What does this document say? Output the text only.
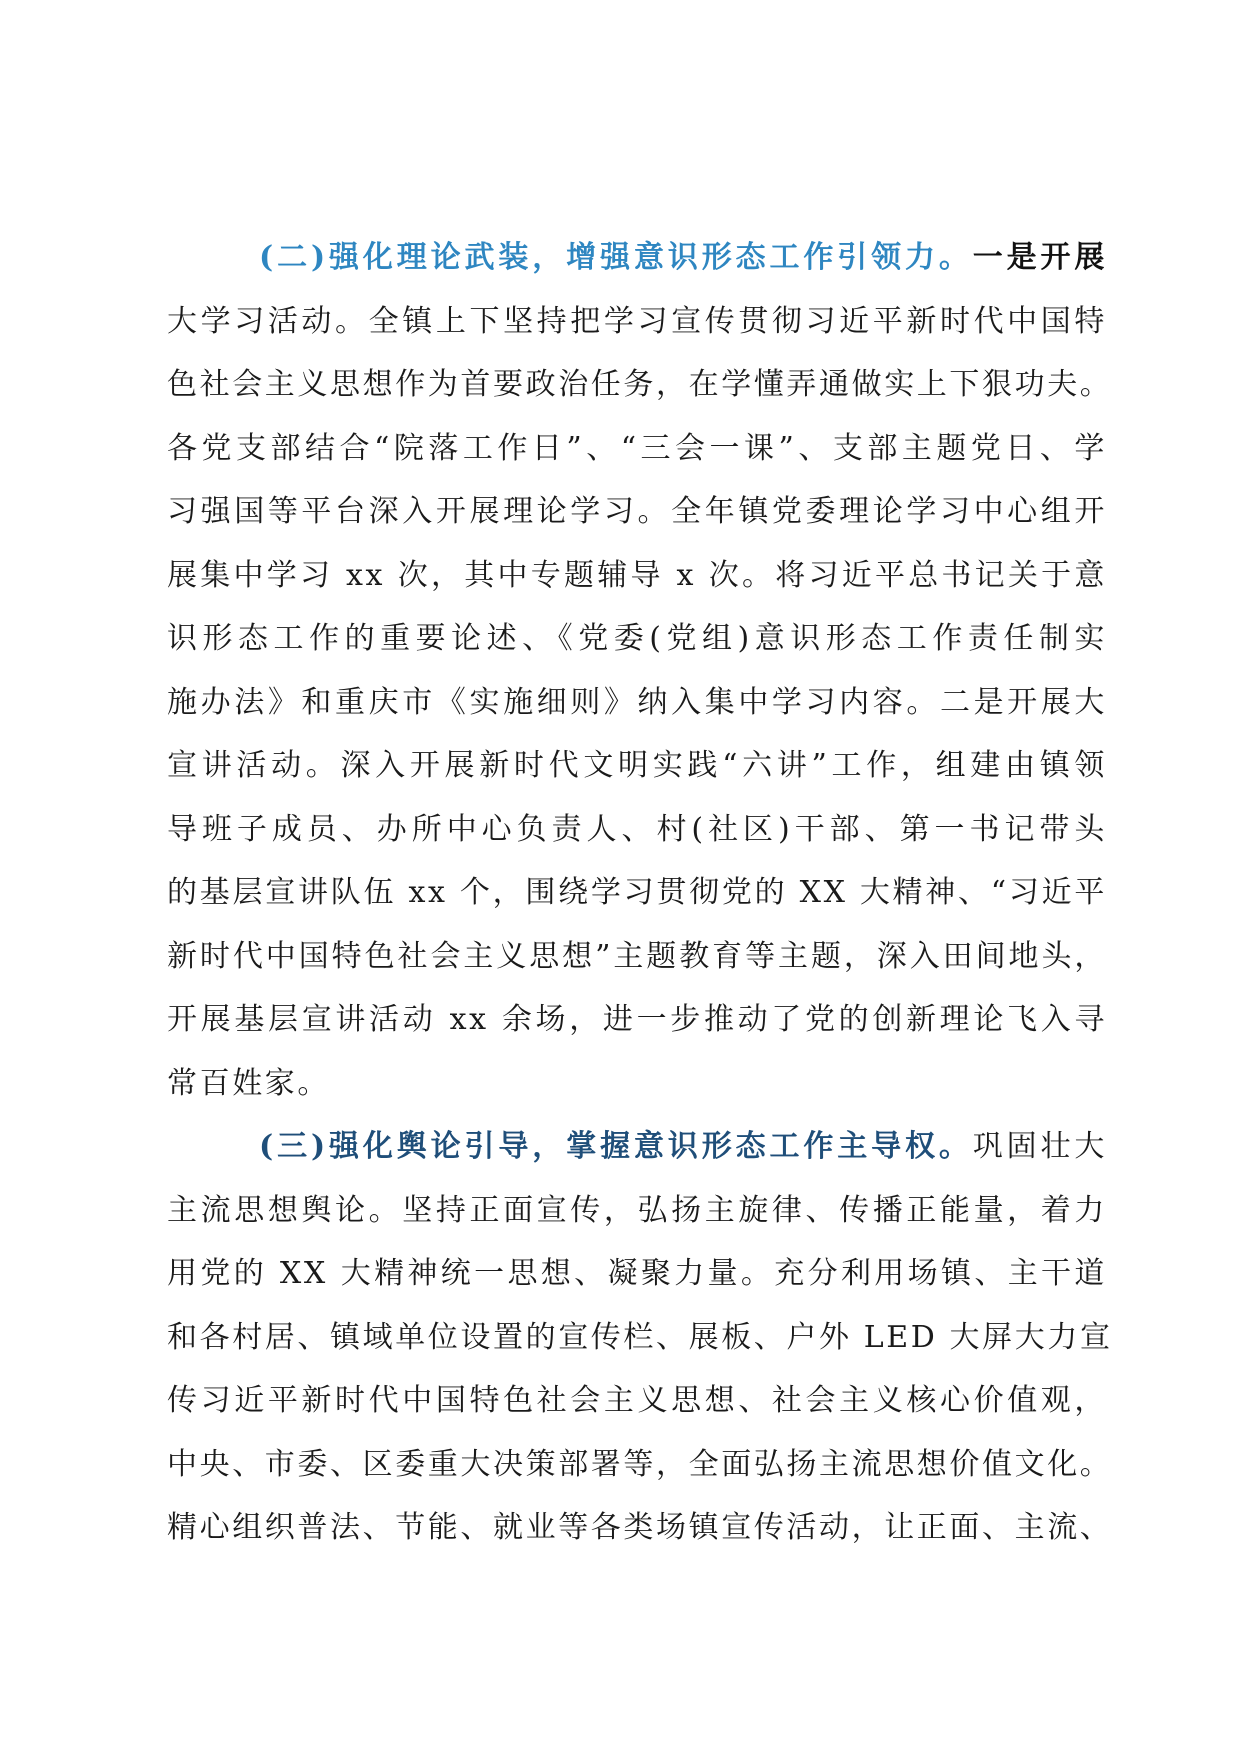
(二)强化理论武装，增强意识形态工作引领力。一是开展
大学习活动。全镇上下坚持把学习宣传贯彻习近平新时代中国特
色社会主义思想作为首要政治任务，在学懂弄通做实上下狠功夫。
各党支部结合“院落工作日”、“三会一课”、支部主题党日、学
习强国等平台深入开展理论学习。全年镇党委理论学习中心组开
展集中学习 xx 次，其中专题辅导 x 次。将习近平总书记关于意
识形态工作的重要论述、《党委(党组)意识形态工作责任制实
施办法》和重庆市《实施细则》纳入集中学习内容。二是开展大
宣讲活动。深入开展新时代文明实践“六讲”工作，组建由镇领
导班子成员、办所中心负责人、村(社区)干部、第一书记带头
的基层宣讲队伍 xx 个，围绕学习贯彻党的 XX 大精神、“习近平
新时代中国特色社会主义思想”主题教育等主题，深入田间地头，
开展基层宣讲活动 xx 余场，进一步推动了党的创新理论飞入寻
常百姓家。
(三)强化舆论引导，掌握意识形态工作主导权。巩固壮大
主流思想舆论。坚持正面宣传，弘扬主旋律、传播正能量，着力
用党的 XX 大精神统一思想、凝聚力量。充分利用场镇、主干道
和各村居、镇域单位设置的宣传栏、展板、户外 LED 大屏大力宣
传习近平新时代中国特色社会主义思想、社会主义核心价值观，
中央、市委、区委重大决策部署等，全面弘扬主流思想价值文化。
精心组织普法、节能、就业等各类场镇宣传活动，让正面、主流、
